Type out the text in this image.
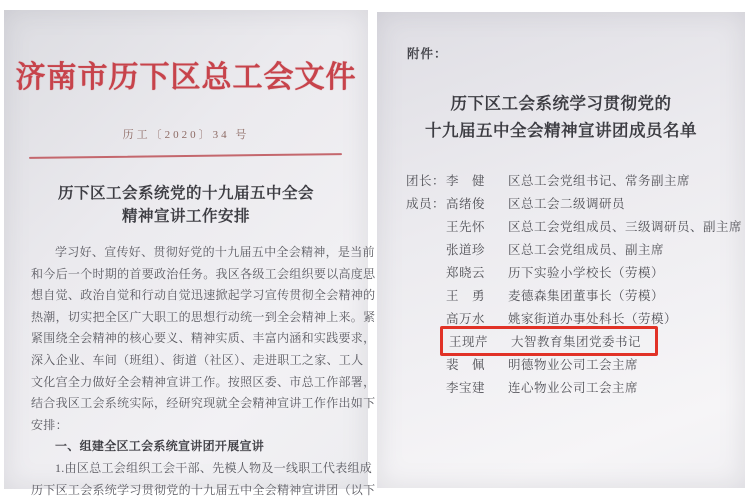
济南市历下区总工会文件
历工〔2020〕34 号
历下区工会系统党的十九届五中全会
精神宣讲工作安排
学习好、宣传好、贯彻好党的十九届五中全会精神，是当前
和今后一个时期的首要政治任务。我区各级工会组织要以高度思
想自觉、政治自觉和行动自觉迅速掀起学习宣传贯彻全会精神的
热潮，切实把全区广大职工的思想行动统一到全会精神上来。紧
紧围绕全会精神的核心要义、精神实质、丰富内涵和实践要求，
深入企业、车间（班组）、街道（社区）、走进职工之家、工人
文化宫全力做好全会精神宣讲工作。按照区委、市总工作部署，
结合我区工会系统实际，经研究现就全会精神宣讲工作作出如下
安排：
一、组建全区工会系统宣讲团开展宣讲
1.由区总工会组织工会干部、先模人物及一线职工代表组成
历下区工会系统学习贯彻党的十九届五中全会精神宣讲团（以下
附件：
历下区工会系统学习贯彻党的
十九届五中全会精神宣讲团成员名单
团长： 李　健	区总工会党组书记、常务副主席
成员： 高绪俊	区总工会二级调研员
王先怀	区总工会党组成员、三级调研员、副主席
张道珍	区总工会党组成员、副主席
郑晓云	历下实验小学校长（劳模）
王　勇	麦德森集团董事长（劳模）
高万水	姚家街道办事处科长（劳模）
王现芹	大智教育集团党委书记
裴　佩	明德物业公司工会主席
李宝建	连心物业公司工会主席
